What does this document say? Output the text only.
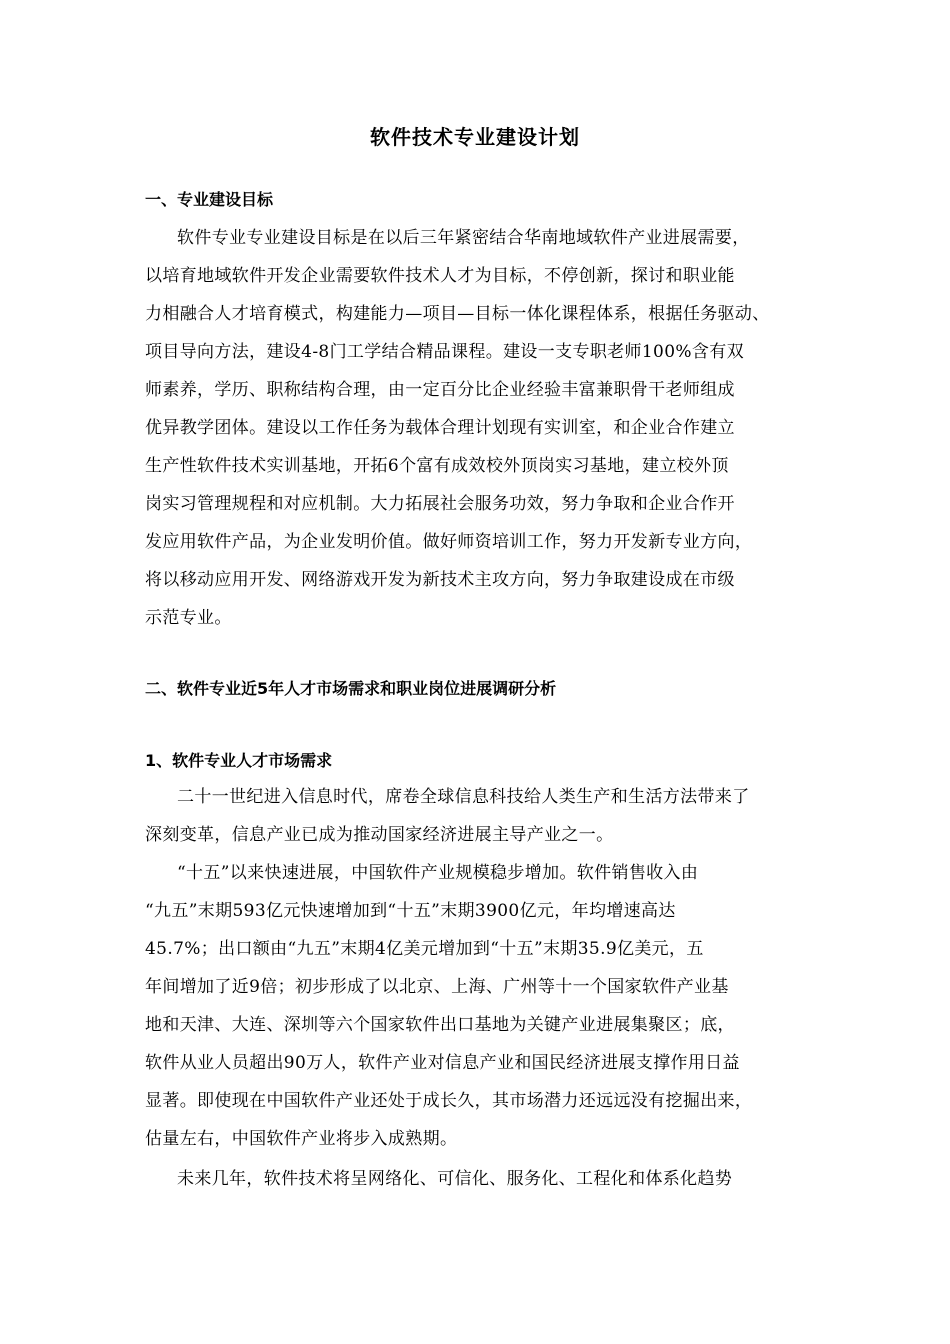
软件技术专业建设计划
一、专业建设目标
软件专业专业建设目标是在以后三年紧密结合华南地域软件产业进展需要，
以培育地域软件开发企业需要软件技术人才为目标，不停创新，探讨和职业能
力相融合人才培育模式，构建能力—项目—目标一体化课程体系，根据任务驱动、
项目导向方法，建设4-8门工学结合精品课程。建设一支专职老师100%含有双
师素养，学历、职称结构合理，由一定百分比企业经验丰富兼职骨干老师组成
优异教学团体。建设以工作任务为载体合理计划现有实训室，和企业合作建立
生产性软件技术实训基地，开拓6个富有成效校外顶岗实习基地，建立校外顶
岗实习管理规程和对应机制。大力拓展社会服务功效，努力争取和企业合作开
发应用软件产品，为企业发明价值。做好师资培训工作，努力开发新专业方向，
将以移动应用开发、网络游戏开发为新技术主攻方向，努力争取建设成在市级
示范专业。
二、软件专业近5年人才市场需求和职业岗位进展调研分析
1、软件专业人才市场需求
二十一世纪进入信息时代，席卷全球信息科技给人类生产和生活方法带来了
深刻变革，信息产业已成为推动国家经济进展主导产业之一。
“十五”以来快速进展，中国软件产业规模稳步增加。软件销售收入由
“九五”末期593亿元快速增加到“十五”末期3900亿元，年均增速高达
45.7%；出口额由“九五”末期4亿美元增加到“十五”末期35.9亿美元，五
年间增加了近9倍；初步形成了以北京、上海、广州等十一个国家软件产业基
地和天津、大连、深圳等六个国家软件出口基地为关键产业进展集聚区；底，
软件从业人员超出90万人，软件产业对信息产业和国民经济进展支撑作用日益
显著。即使现在中国软件产业还处于成长久，其市场潜力还远远没有挖掘出来，
估量左右，中国软件产业将步入成熟期。
未来几年，软件技术将呈网络化、可信化、服务化、工程化和体系化趋势
